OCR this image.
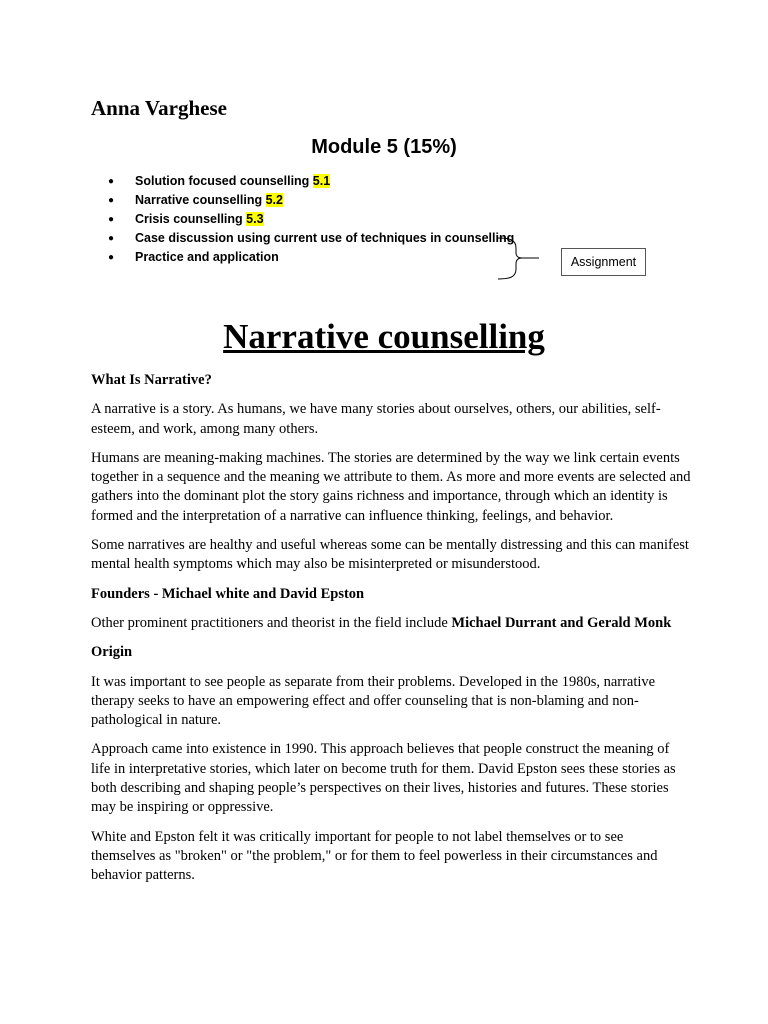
Anna Varghese
Module 5 (15%)
● Solution focused counselling 5.1
● Narrative counselling 5.2
● Crisis counselling 5.3
● Case discussion using current use of techniques in counselling
● Practice and application	Assignment
Narrative counselling

What Is Narrative?

A narrative is a story. As humans, we have many stories about ourselves, others, our abilities, self-esteem, and work, among many others.

Humans are meaning-making machines. The stories are determined by the way we link certain events together in a sequence and the meaning we attribute to them. As more and more events are selected and gathers into the dominant plot the story gains richness and importance, through which an identity is formed and the interpretation of a narrative can influence thinking, feelings, and behavior.

Some narratives are healthy and useful whereas some can be mentally distressing and this can manifest mental health symptoms which may also be misinterpreted or misunderstood.

Founders - Michael white and David Epston

Other prominent practitioners and theorist in the field include Michael Durrant and Gerald Monk

Origin

It was important to see people as separate from their problems. Developed in the 1980s, narrative therapy seeks to have an empowering effect and offer counseling that is non-blaming and non-pathological in nature.

Approach came into existence in 1990. This approach believes that people construct the meaning of life in interpretative stories, which later on become truth for them. David Epston sees these stories as both describing and shaping people’s perspectives on their lives, histories and futures. These stories may be inspiring or oppressive.

White and Epston felt it was critically important for people to not label themselves or to see themselves as "broken" or "the problem," or for them to feel powerless in their circumstances and behavior patterns.
